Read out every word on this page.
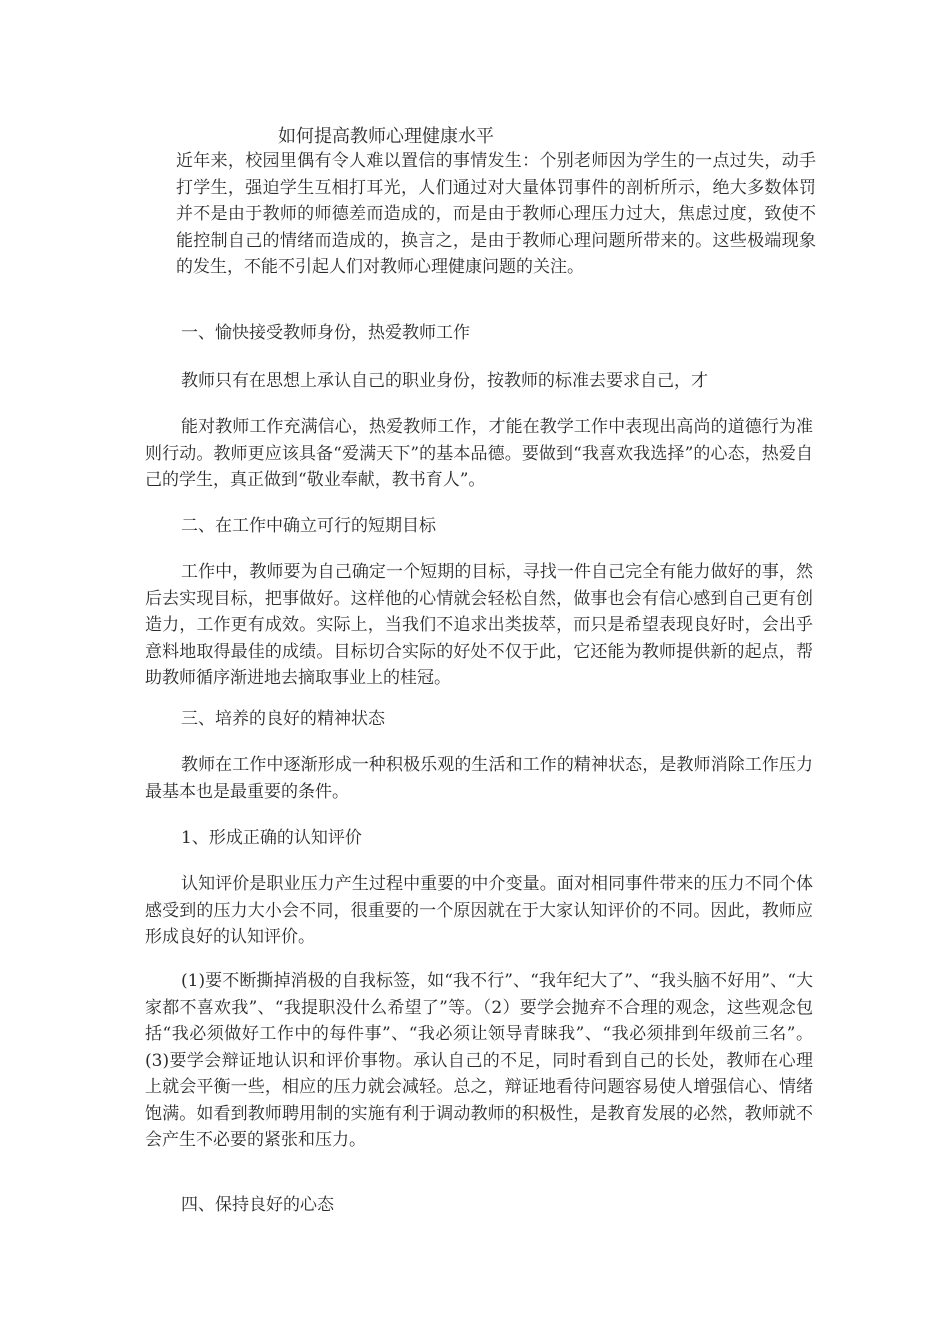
如何提高教师心理健康水平
近年来，校园里偶有令人难以置信的事情发生：个别老师因为学生的一点过失，动手打学生，强迫学生互相打耳光，人们通过对大量体罚事件的剖析所示，绝大多数体罚并不是由于教师的师德差而造成的，而是由于教师心理压力过大，焦虑过度，致使不能控制自己的情绪而造成的，换言之，是由于教师心理问题所带来的。这些极端现象的发生，不能不引起人们对教师心理健康问题的关注。
一、愉快接受教师身份，热爱教师工作
教师只有在思想上承认自己的职业身份，按教师的标准去要求自己，才
能对教师工作充满信心，热爱教师工作，才能在教学工作中表现出高尚的道德行为准则行动。教师更应该具备“爱满天下”的基本品德。要做到“我喜欢我选择”的心态，热爱自己的学生，真正做到“敬业奉献，教书育人”。
二、在工作中确立可行的短期目标
工作中，教师要为自己确定一个短期的目标，寻找一件自己完全有能力做好的事，然后去实现目标，把事做好。这样他的心情就会轻松自然，做事也会有信心感到自己更有创造力，工作更有成效。实际上，当我们不追求出类拔萃，而只是希望表现良好时，会出乎意料地取得最佳的成绩。目标切合实际的好处不仅于此，它还能为教师提供新的起点，帮助教师循序渐进地去摘取事业上的桂冠。
三、培养的良好的精神状态
教师在工作中逐渐形成一种积极乐观的生活和工作的精神状态，是教师消除工作压力最基本也是最重要的条件。
1、形成正确的认知评价
认知评价是职业压力产生过程中重要的中介变量。面对相同事件带来的压力不同个体感受到的压力大小会不同，很重要的一个原因就在于大家认知评价的不同。因此，教师应形成良好的认知评价。
(1)要不断撕掉消极的自我标签，如“我不行”、“我年纪大了”、“我头脑不好用”、“大家都不喜欢我”、“我提职没什么希望了”等。（2）要学会抛弃不合理的观念，这些观念包括“我必须做好工作中的每件事”、“我必须让领导青睐我”、“我必须排到年级前三名”。(3)要学会辩证地认识和评价事物。承认自己的不足，同时看到自己的长处，教师在心理上就会平衡一些，相应的压力就会减轻。总之，辩证地看待问题容易使人增强信心、情绪饱满。如看到教师聘用制的实施有利于调动教师的积极性，是教育发展的必然，教师就不会产生不必要的紧张和压力。
四、保持良好的心态
